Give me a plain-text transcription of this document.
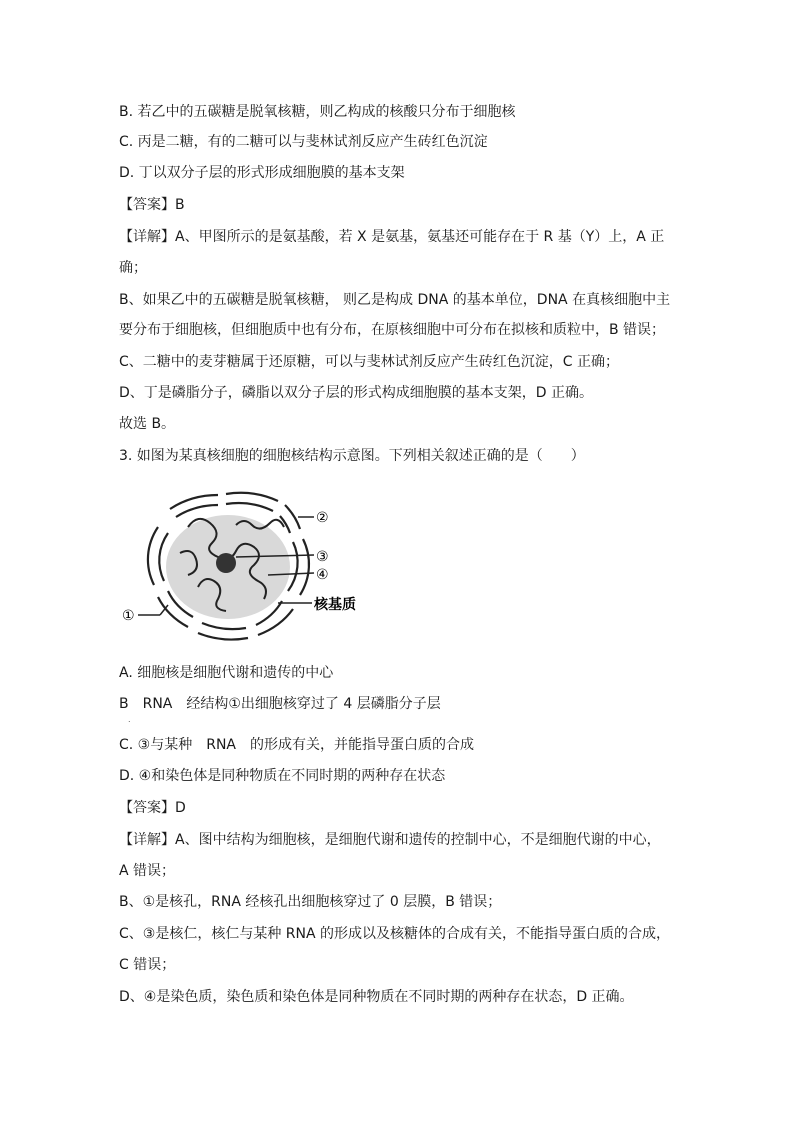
B. 若乙中的五碳糖是脱氧核糖，则乙构成的核酸只分布于细胞核
C. 丙是二糖，有的二糖可以与斐林试剂反应产生砖红色沉淀
D. 丁以双分子层的形式形成细胞膜的基本支架
【答案】B
【详解】A、甲图所示的是氨基酸，若 X 是氨基，氨基还可能存在于 R 基（Y）上，A 正
确；
B、如果乙中的五碳糖是脱氧核糖， 则乙是构成 DNA 的基本单位，DNA 在真核细胞中主
要分布于细胞核，但细胞质中也有分布，在原核细胞中可分布在拟核和质粒中，B 错误；
C、二糖中的麦芽糖属于还原糖，可以与斐林试剂反应产生砖红色沉淀，C 正确；
D、丁是磷脂分子，磷脂以双分子层的形式构成细胞膜的基本支架，D 正确。
故选 B。
3. 如图为某真核细胞的细胞核结构示意图。下列相关叙述正确的是（　　）
②
③
④
核基质
①
A. 细胞核是细胞代谢和遗传的中心
B　RNA　经结构①出细胞核穿过了 4 层磷脂分子层
.
C. ③与某种　RNA　的形成有关，并能指导蛋白质的合成
D. ④和染色体是同种物质在不同时期的两种存在状态
【答案】D
【详解】A、图中结构为细胞核，是细胞代谢和遗传的控制中心，不是细胞代谢的中心，
A 错误；
B、①是核孔，RNA 经核孔出细胞核穿过了 0 层膜，B 错误；
C、③是核仁，核仁与某种 RNA 的形成以及核糖体的合成有关，不能指导蛋白质的合成，
C 错误；
D、④是染色质，染色质和染色体是同种物质在不同时期的两种存在状态，D 正确。
